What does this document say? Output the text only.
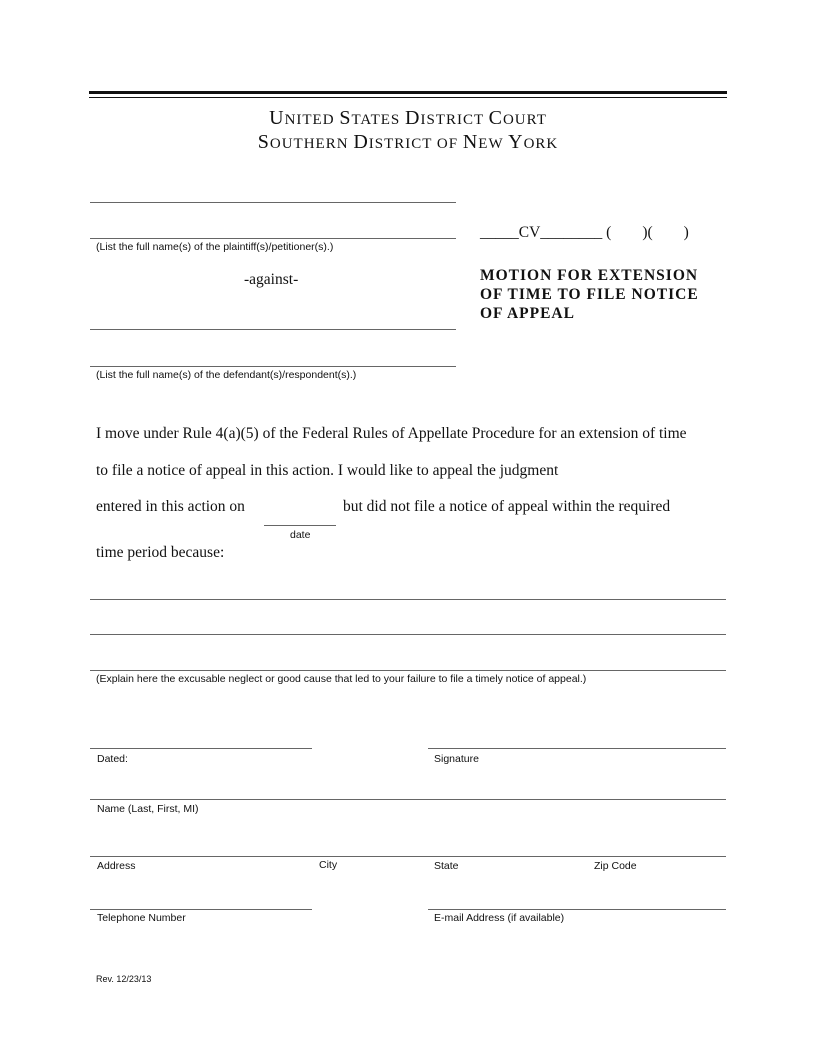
UNITED STATES DISTRICT COURT
SOUTHERN DISTRICT OF NEW YORK
(List the full name(s) of the plaintiff(s)/petitioner(s).)
-against-
(List the full name(s) of the defendant(s)/respondent(s).)
_____CV________ (        )(        )
MOTION FOR EXTENSION
OF TIME TO FILE NOTICE
OF APPEAL
I move under Rule 4(a)(5) of the Federal Rules of Appellate Procedure for an extension of time
to file a notice of appeal in this action. I would like to appeal the judgment
entered in this action on
date
but did not file a notice of appeal within the required
time period because:
(Explain here the excusable neglect or good cause that led to your failure to file a timely notice of appeal.)
Dated:	Signature
Name (Last, First, MI)
Address	City	State	Zip Code
Telephone Number	E-mail Address (if available)
Rev. 12/23/13
